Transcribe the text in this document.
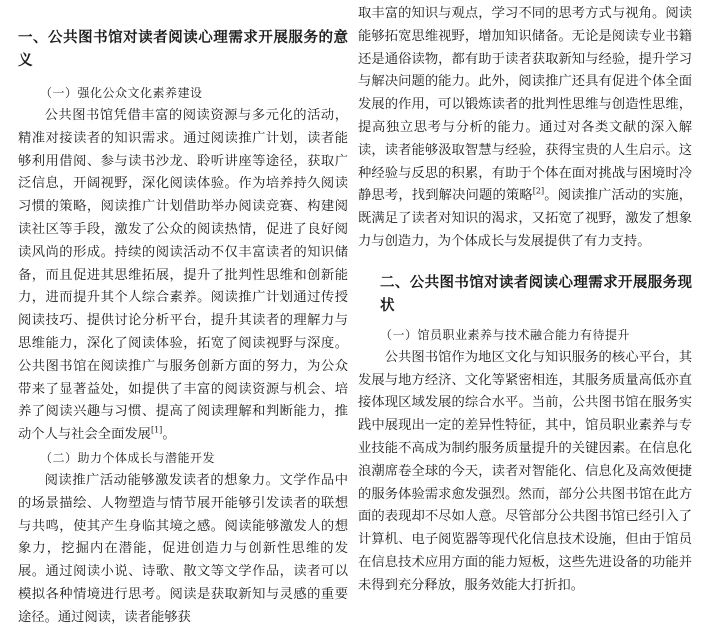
一、公共图书馆对读者阅读心理需求开展服务的意义
（一）强化公众文化素养建设

公共图书馆凭借丰富的阅读资源与多元化的活动，精准对接读者的知识需求。通过阅读推广计划，读者能够利用借阅、参与读书沙龙、聆听讲座等途径，获取广泛信息，开阔视野，深化阅读体验。作为培养持久阅读习惯的策略，阅读推广计划借助举办阅读竞赛、构建阅读社区等手段，激发了公众的阅读热情，促进了良好阅读风尚的形成。持续的阅读活动不仅丰富读者的知识储备，而且促进其思维拓展，提升了批判性思维和创新能力，进而提升其个人综合素养。阅读推广计划通过传授阅读技巧、提供讨论分析平台，提升其读者的理解力与思维能力，深化了阅读体验，拓宽了阅读视野与深度。公共图书馆在阅读推广与服务创新方面的努力，为公众带来了显著益处，如提供了丰富的阅读资源与机会、培养了阅读兴趣与习惯、提高了阅读理解和判断能力，推动个人与社会全面发展[1]。

（二）助力个体成长与潜能开发

阅读推广活动能够激发读者的想象力。文学作品中的场景描绘、人物塑造与情节展开能够引发读者的联想与共鸣，使其产生身临其境之感。阅读能够激发人的想象力，挖掘内在潜能，促进创造力与创新性思维的发展。通过阅读小说、诗歌、散文等文学作品，读者可以模拟各种情境进行思考。阅读是获取新知与灵感的重要途径。通过阅读，读者能够获

取丰富的知识与观点，学习不同的思考方式与视角。阅读能够拓宽思维视野，增加知识储备。无论是阅读专业书籍还是通俗读物，都有助于读者获取新知与经验，提升学习与解决问题的能力。此外，阅读推广还具有促进个体全面发展的作用，可以锻炼读者的批判性思维与创造性思维，提高独立思考与分析的能力。通过对各类文献的深入解读，读者能够汲取智慧与经验，获得宝贵的人生启示。这种经验与反思的积累，有助于个体在面对挑战与困境时冷静思考，找到解决问题的策略[2]。阅读推广活动的实施，既满足了读者对知识的渴求，又拓宽了视野，激发了想象力与创造力，为个体成长与发展提供了有力支持。

二、公共图书馆对读者阅读心理需求开展服务现状
（一）馆员职业素养与技术融合能力有待提升

公共图书馆作为地区文化与知识服务的核心平台，其发展与地方经济、文化等紧密相连，其服务质量高低亦直接体现区域发展的综合水平。当前，公共图书馆在服务实践中展现出一定的差异性特征，其中，馆员职业素养与专业技能不高成为制约服务质量提升的关键因素。在信息化浪潮席卷全球的今天，读者对智能化、信息化及高效便捷的服务体验需求愈发强烈。然而，部分公共图书馆在此方面的表现却不尽如人意。尽管部分公共图书馆已经引入了计算机、电子阅览器等现代化信息技术设施，但由于馆员在信息技术应用方面的能力短板，这些先进设备的功能并未得到充分释放，服务效能大打折扣。
